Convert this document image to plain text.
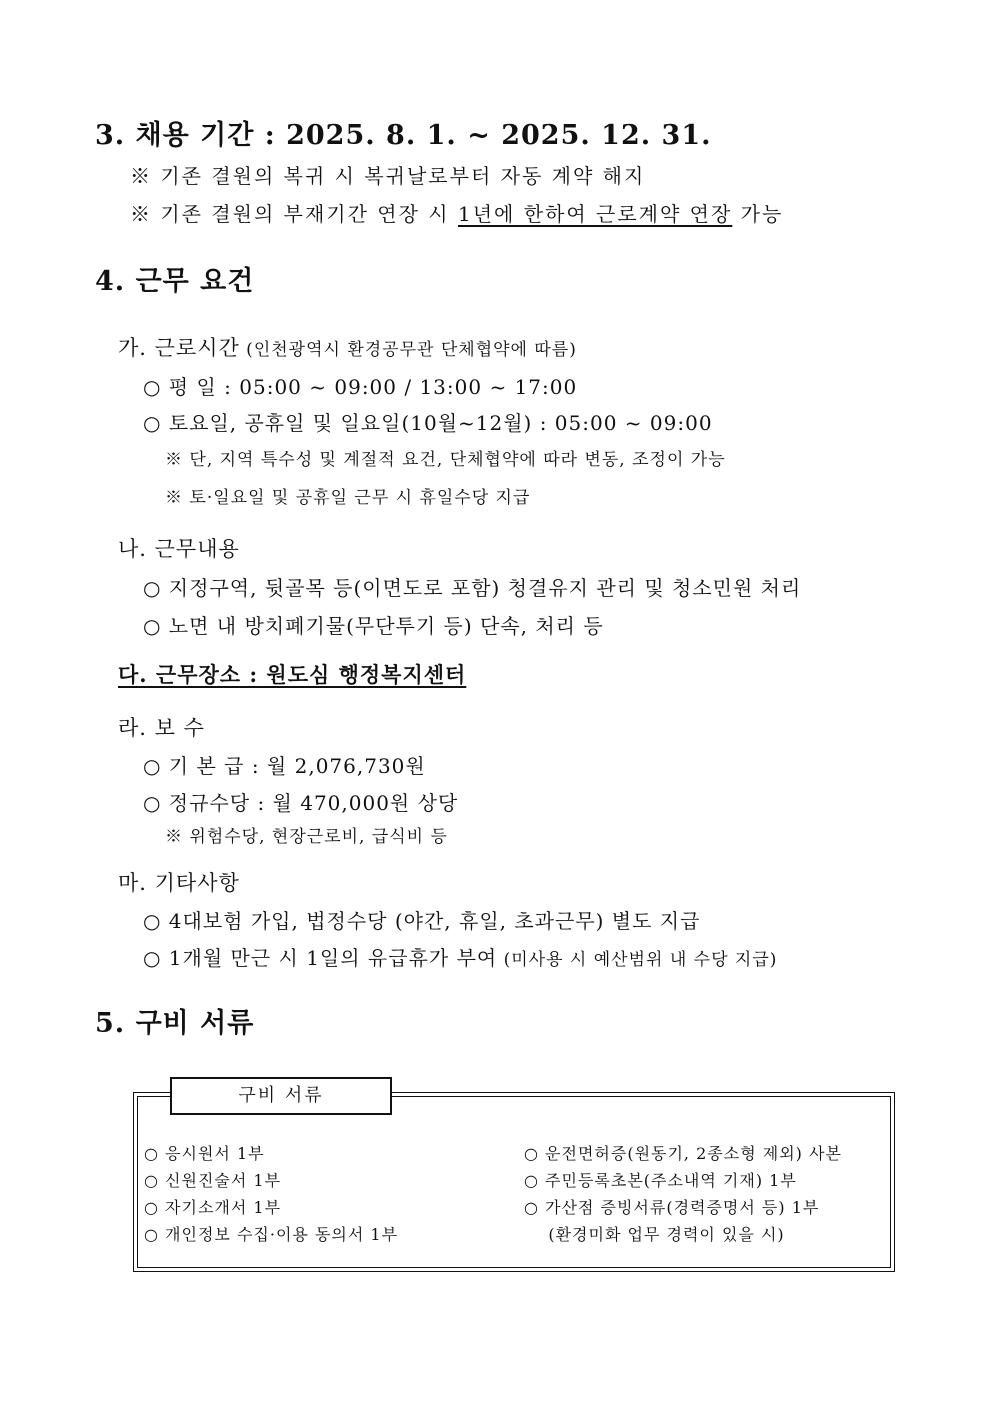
3. 채용 기간 : 2025. 8. 1. ~ 2025. 12. 31.
※ 기존 결원의 복귀 시 복귀날로부터 자동 계약 해지
※ 기존 결원의 부재기간 연장 시 1년에 한하여 근로계약 연장 가능
4. 근무 요건
가. 근로시간 (인천광역시 환경공무관 단체협약에 따름)
○ 평 일 : 05:00 ~ 09:00 / 13:00 ~ 17:00
○ 토요일, 공휴일 및 일요일(10월~12월) : 05:00 ~ 09:00
※ 단, 지역 특수성 및 계절적 요건, 단체협약에 따라 변동, 조정이 가능
※ 토·일요일 및 공휴일 근무 시 휴일수당 지급
나. 근무내용
○ 지정구역, 뒷골목 등(이면도로 포함) 청결유지 관리 및 청소민원 처리
○ 노면 내 방치폐기물(무단투기 등) 단속, 처리 등
다. 근무장소 : 원도심 행정복지센터
라. 보 수
○ 기 본 급 : 월 2,076,730원
○ 정규수당 : 월 470,000원 상당
※ 위험수당, 현장근로비, 급식비 등
마. 기타사항
○ 4대보험 가입, 법정수당 (야간, 휴일, 초과근무) 별도 지급
○ 1개월 만근 시 1일의 유급휴가 부여 (미사용 시 예산범위 내 수당 지급)
5. 구비 서류
구비 서류
○ 응시원서 1부
○ 신원진술서 1부
○ 자기소개서 1부
○ 개인정보 수집·이용 동의서 1부
○ 운전면허증(원동기, 2종소형 제외) 사본
○ 주민등록초본(주소내역 기재) 1부
○ 가산점 증빙서류(경력증명서 등) 1부
(환경미화 업무 경력이 있을 시)
